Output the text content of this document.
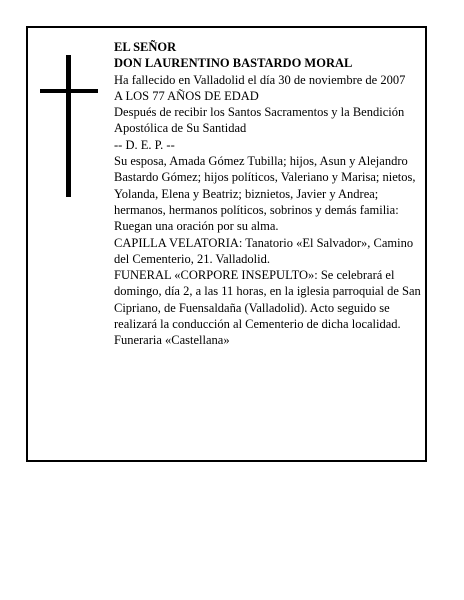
EL SEÑOR

DON LAURENTINO BASTARDO MORAL

Ha fallecido en Valladolid el día 30 de noviembre de 2007

A LOS 77 AÑOS DE EDAD

Después de recibir los Santos Sacramentos y la Bendición Apostólica de Su Santidad

-- D. E. P. --

Su esposa, Amada Gómez Tubilla; hijos, Asun y Alejandro Bastardo Gómez; hijos políticos, Valeriano y Marisa; nietos, Yolanda, Elena y Beatriz; biznietos, Javier y Andrea; hermanos, hermanos políticos, sobrinos y demás familia:

Ruegan una oración por su alma.

CAPILLA VELATORIA: Tanatorio «El Salvador», Camino del Cementerio, 21. Valladolid.

FUNERAL «CORPORE INSEPULTO»: Se celebrará el domingo, día 2, a las 11 horas, en la iglesia parroquial de San Cipriano, de Fuensaldaña (Valladolid). Acto seguido se realizará la conducción al Cementerio de dicha localidad.

Funeraria «Castellana»
